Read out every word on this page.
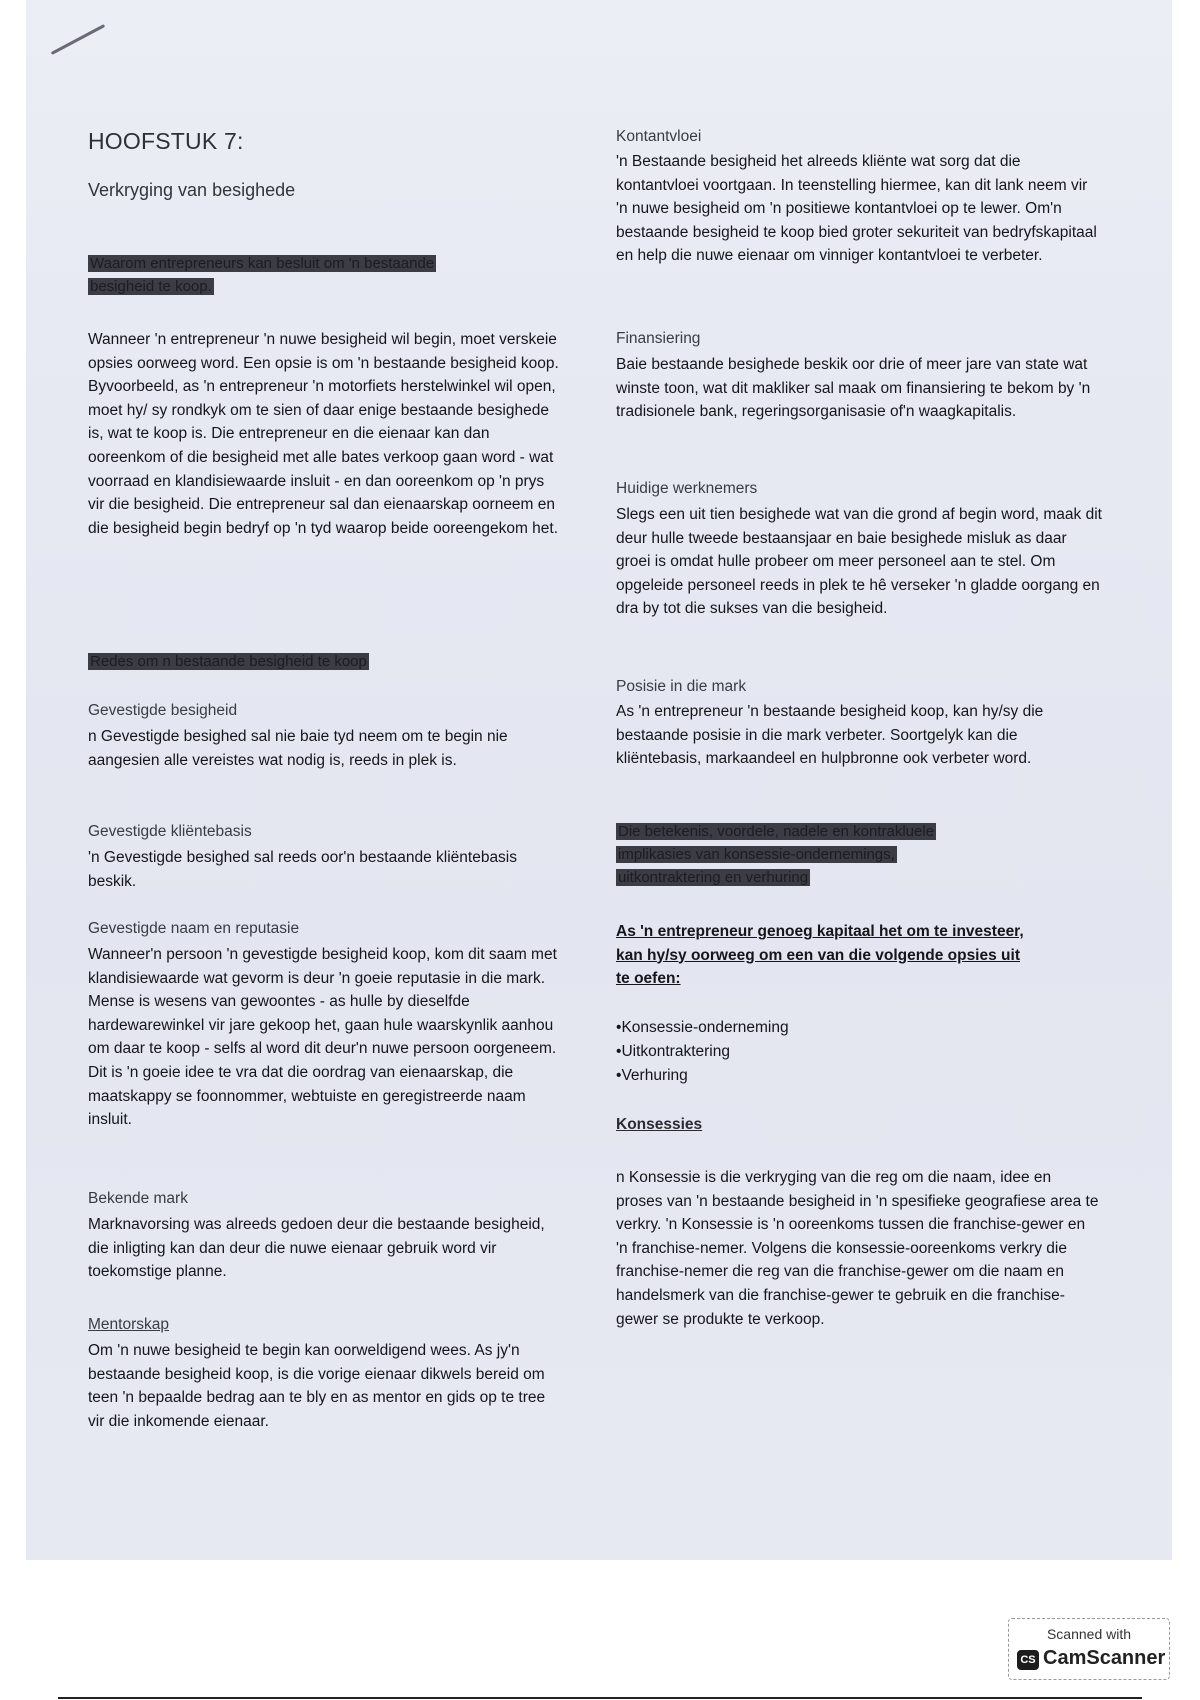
HOOFSTUK 7:
Verkryging van besighede
Waarom entrepreneurs kan besluit om 'n bestaande
besigheid te koop.

Wanneer 'n entrepreneur 'n nuwe besigheid wil begin, moet verskeie opsies oorweeg word. Een opsie is om 'n bestaande besigheid koop. Byvoorbeeld, as 'n entrepreneur 'n motorfiets herstelwinkel wil open, moet hy/ sy rondkyk om te sien of daar enige bestaande besighede is, wat te koop is. Die entrepreneur en die eienaar kan dan ooreenkom of die besigheid met alle bates verkoop gaan word - wat voorraad en klandisiewaarde insluit - en dan ooreenkom op 'n prys vir die besigheid. Die entrepreneur sal dan eienaarskap oorneem en die besigheid begin bedryf op 'n tyd waarop beide ooreengekom het.

Redes om n bestaande besigheid te koop
Gevestigde besigheid

n Gevestigde besighed sal nie baie tyd neem om te begin nie aangesien alle vereistes wat nodig is, reeds in plek is.

Gevestigde kliëntebasis

'n Gevestigde besighed sal reeds oor'n bestaande kliëntebasis beskik.

Gevestigde naam en reputasie

Wanneer'n persoon 'n gevestigde besigheid koop, kom dit saam met klandisiewaarde wat gevorm is deur 'n goeie reputasie in die mark. Mense is wesens van gewoontes - as hulle by dieselfde hardewarewinkel vir jare gekoop het, gaan hule waarskynlik aanhou om daar te koop - selfs al word dit deur'n nuwe persoon oorgeneem. Dit is 'n goeie idee te vra dat die oordrag van eienaarskap, die maatskappy se foonnommer, webtuiste en geregistreerde naam insluit.

Bekende mark

Marknavorsing was alreeds gedoen deur die bestaande besigheid, die inligting kan dan deur die nuwe eienaar gebruik word vir toekomstige planne.

Mentorskap

Om 'n nuwe besigheid te begin kan oorweldigend wees. As jy'n bestaande besigheid koop, is die vorige eienaar dikwels bereid om teen 'n bepaalde bedrag aan te bly en as mentor en gids op te tree vir die inkomende eienaar.

Kontantvloei

'n Bestaande besigheid het alreeds kliënte wat sorg dat die kontantvloei voortgaan. In teenstelling hiermee, kan dit lank neem vir 'n nuwe besigheid om 'n positiewe kontantvloei op te lewer. Om'n bestaande besigheid te koop bied groter sekuriteit van bedryfskapitaal en help die nuwe eienaar om vinniger kontantvloei te verbeter.

Finansiering

Baie bestaande besighede beskik oor drie of meer jare van state wat winste toon, wat dit makliker sal maak om finansiering te bekom by 'n tradisionele bank, regeringsorganisasie of'n waagkapitalis.

Huidige werknemers

Slegs een uit tien besighede wat van die grond af begin word, maak dit deur hulle tweede bestaansjaar en baie besighede misluk as daar groei is omdat hulle probeer om meer personeel aan te stel. Om opgeleide personeel reeds in plek te hê verseker 'n gladde oorgang en dra by tot die sukses van die besigheid.

Posisie in die mark

As 'n entrepreneur 'n bestaande besigheid koop, kan hy/sy die bestaande posisie in die mark verbeter. Soortgelyk kan die kliëntebasis, markaandeel en hulpbronne ook verbeter word.

Die betekenis, voordele, nadele en kontrakluele
implikasies van konsessie-ondernemings,
uitkontraktering en verhuring
As 'n entrepreneur genoeg kapitaal het om te investeer, kan hy/sy oorweeg om een van die volgende opsies uit te oefen:
• Konsessie-onderneming
• Uitkontraktering
• Verhuring
Konsessies

n Konsessie is die verkryging van die reg om die naam, idee en proses van 'n bestaande besigheid in 'n spesifieke geografiese area te verkry. 'n Konsessie is 'n ooreenkoms tussen die franchise-gewer en 'n franchise-nemer. Volgens die konsessie-ooreenkoms verkry die franchise-nemer die reg van die franchise-gewer om die naam en handelsmerk van die franchise-gewer te gebruik en die franchise-gewer se produkte te verkoop.

Scanned with
CS CamScanner
